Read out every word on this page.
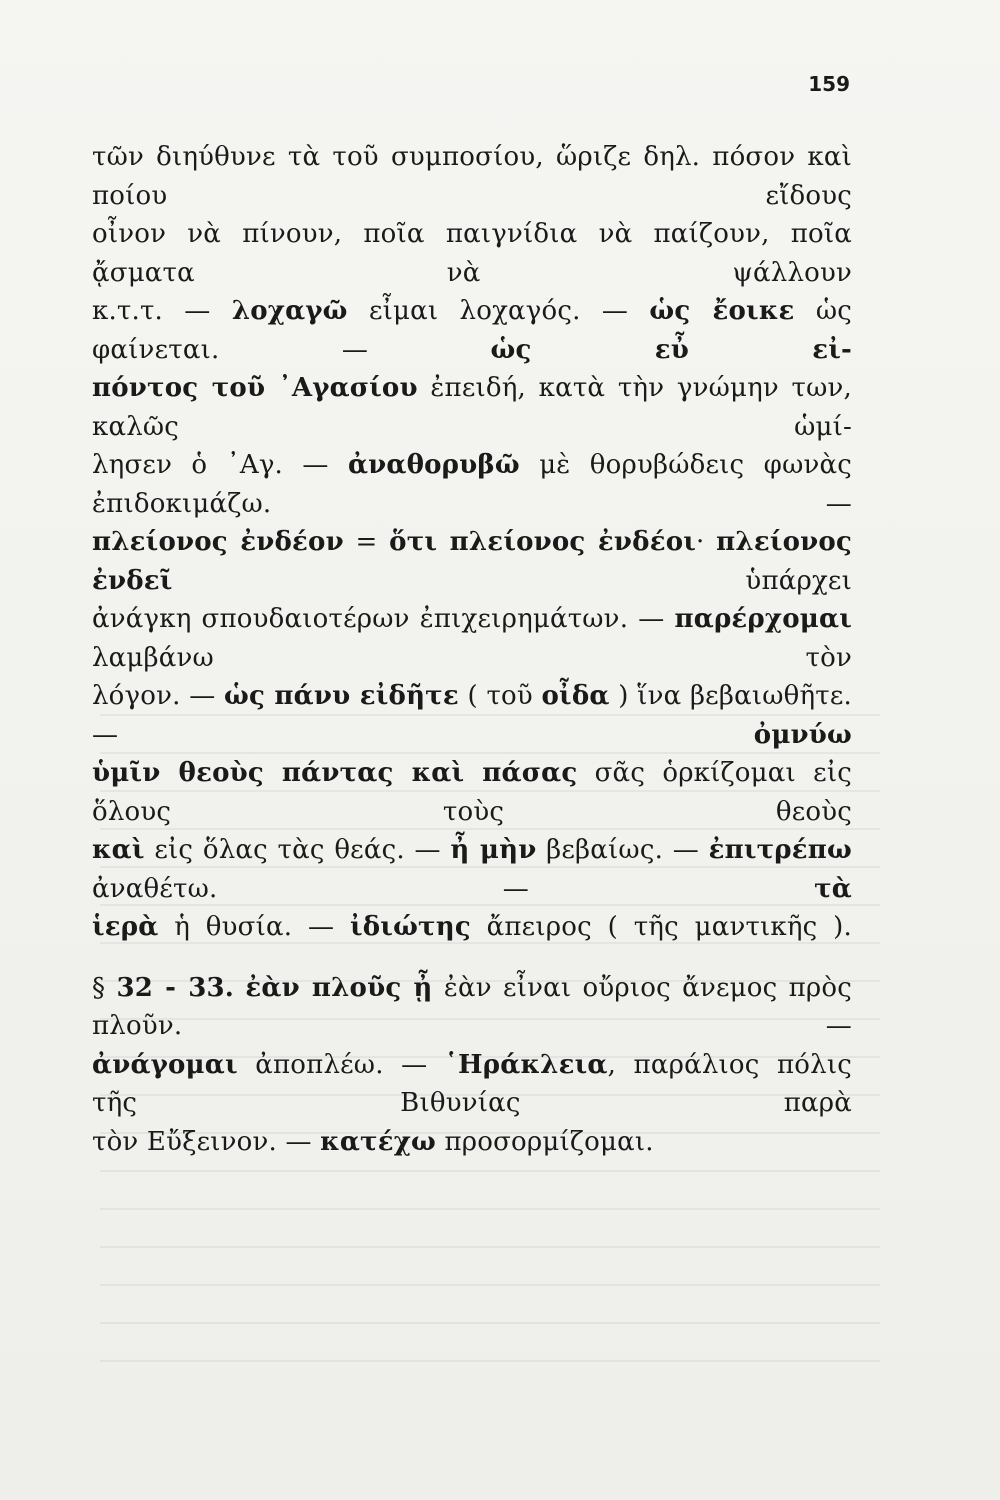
159
τῶν διηύθυνε τὰ τοῦ συμποσίου, ὥριζε δηλ. πόσον καὶ ποίου εἴδους
οἶνον νὰ πίνουν, ποῖα παιγνίδια νὰ παίζουν, ποῖα ᾄσματα νὰ ψάλλουν
κ.τ.τ. — λοχαγῶ εἶμαι λοχαγός. — ὡς ἔοικε ὡς φαίνεται. — ὡς εὖ εἰ-
πόντος τοῦ ᾿Αγασίου ἐπειδή, κατὰ τὴν γνώμην των, καλῶς ὡμί-
λησεν ὁ ᾿Αγ. — ἀναθορυβῶ μὲ θορυβώδεις φωνὰς ἐπιδοκιμάζω. —
πλείονος ἐνδέον = ὅτι πλείονος ἐνδέοι· πλείονος ἐνδεῖ ὑπάρχει
ἀνάγκη σπουδαιοτέρων ἐπιχειρημάτων. — παρέρχομαι λαμβάνω τὸν
λόγον. — ὡς πάνυ εἰδῆτε ( τοῦ οἶδα ) ἵνα βεβαιωθῆτε. — ὀμνύω
ὑμῖν θεοὺς πάντας καὶ πάσας σᾶς ὁρκίζομαι εἰς ὅλους τοὺς θεοὺς
καὶ εἰς ὅλας τὰς θεάς. — ἦ μὴν βεβαίως. — ἐπιτρέπω ἀναθέτω. — τὰ
ἱερὰ ἡ θυσία. — ἰδιώτης ἄπειρος ( τῆς μαντικῆς ).
§ 32 - 33. ἐὰν πλοῦς ᾖ ἐὰν εἶναι οὔριος ἄνεμος πρὸς πλοῦν. —
ἀνάγομαι ἀποπλέω. — ῾Ηράκλεια, παράλιος πόλις τῆς Βιθυνίας παρὰ
τὸν Εὔξεινον. — κατέχω προσορμίζομαι.
